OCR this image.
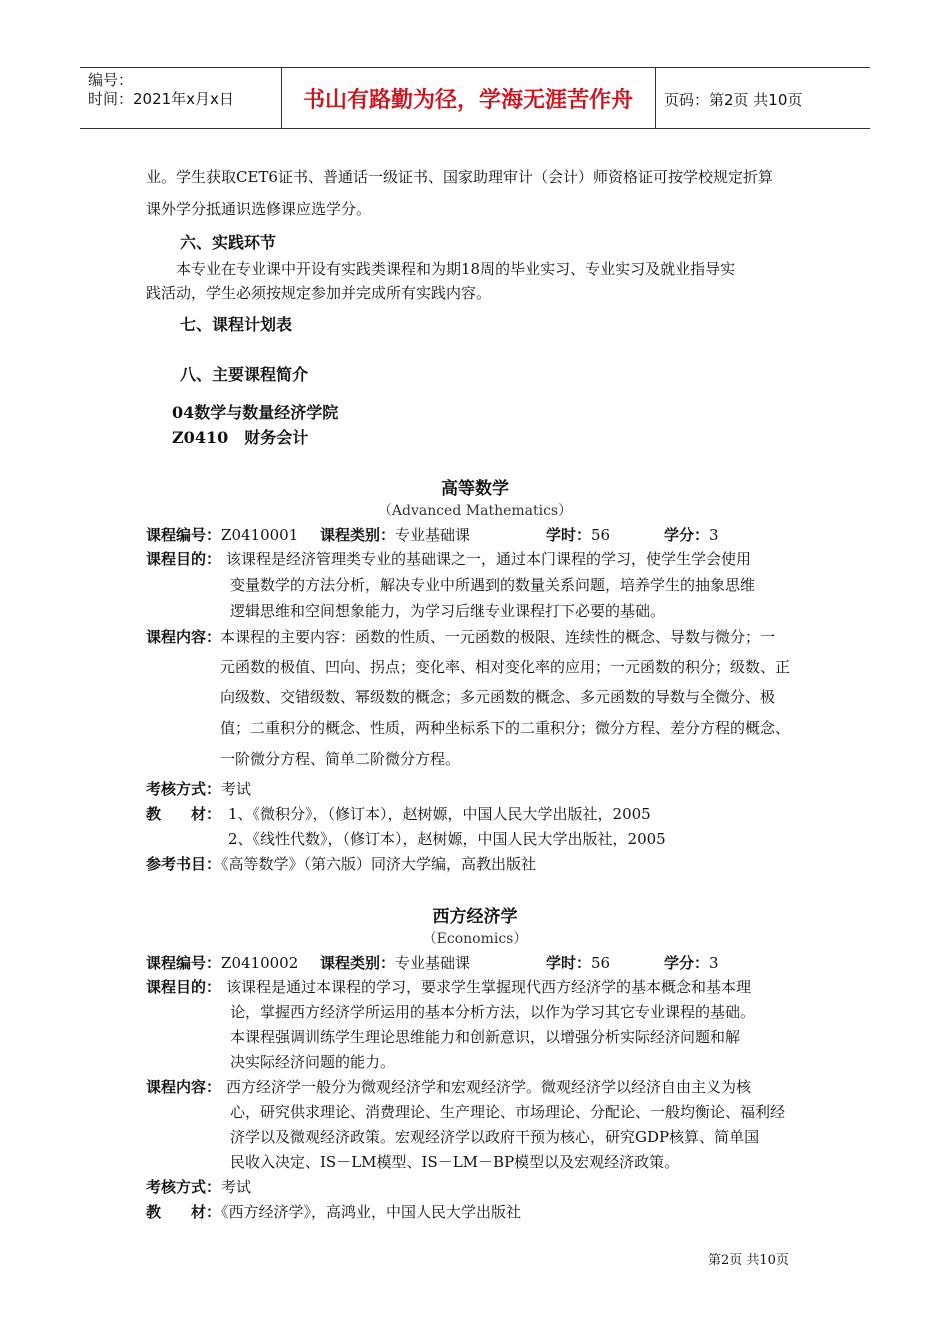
编号：
时间：2021年x月x日	书山有路勤为径，学海无涯苦作舟	页码：第2页 共10页
业。学生获取CET6证书、普通话一级证书、国家助理审计（会计）师资格证可按学校规定折算
课外学分抵通识选修课应选学分。
六、实践环节
本专业在专业课中开设有实践类课程和为期18周的毕业实习、专业实习及就业指导实
践活动，学生必须按规定参加并完成所有实践内容。
七、课程计划表
八、主要课程简介
04数学与数量经济学院
Z0410　财务会计
高等数学
（Advanced Mathematics）
课程编号：Z0410001 课程类别：专业基础课	学时：56	学分：3
课程目的： 该课程是经济管理类专业的基础课之一，通过本门课程的学习，使学生学会使用
变量数学的方法分析，解决专业中所遇到的数量关系问题，培养学生的抽象思维
逻辑思维和空间想象能力，为学习后继专业课程打下必要的基础。
课程内容：
本课程的主要内容：函数的性质、一元函数的极限、连续性的概念、导数与微分；一
元函数的极值、凹向、拐点；变化率、相对变化率的应用；一元函数的积分；级数、正
向级数、交错级数、幂级数的概念；多元函数的概念、多元函数的导数与全微分、极
值；二重积分的概念、性质，两种坐标系下的二重积分；微分方程、差分方程的概念、
一阶微分方程、简单二阶微分方程。
考核方式：考试
教　　材： 1、《微积分》，（修订本），赵树嫄，中国人民大学出版社，2005
2、《线性代数》，（修订本），赵树嫄，中国人民大学出版社，2005
参考书目：《高等数学》（第六版）同济大学编，高教出版社
西方经济学
（Economics）
课程编号：Z0410002 课程类别：专业基础课	学时：56	学分：3
课程目的： 该课程是通过本课程的学习，要求学生掌握现代西方经济学的基本概念和基本理
论，掌握西方经济学所运用的基本分析方法，以作为学习其它专业课程的基础。
本课程强调训练学生理论思维能力和创新意识，以增强分析实际经济问题和解
决实际经济问题的能力。
课程内容： 西方经济学一般分为微观经济学和宏观经济学。微观经济学以经济自由主义为核
心，研究供求理论、消费理论、生产理论、市场理论、分配论、一般均衡论、福利经
济学以及微观经济政策。宏观经济学以政府干预为核心，研究GDP核算、简单国
民收入决定、IS－LM模型、IS－LM－BP模型以及宏观经济政策。
考核方式：考试
教　　材：《西方经济学》，高鸿业，中国人民大学出版社
第2页 共10页
